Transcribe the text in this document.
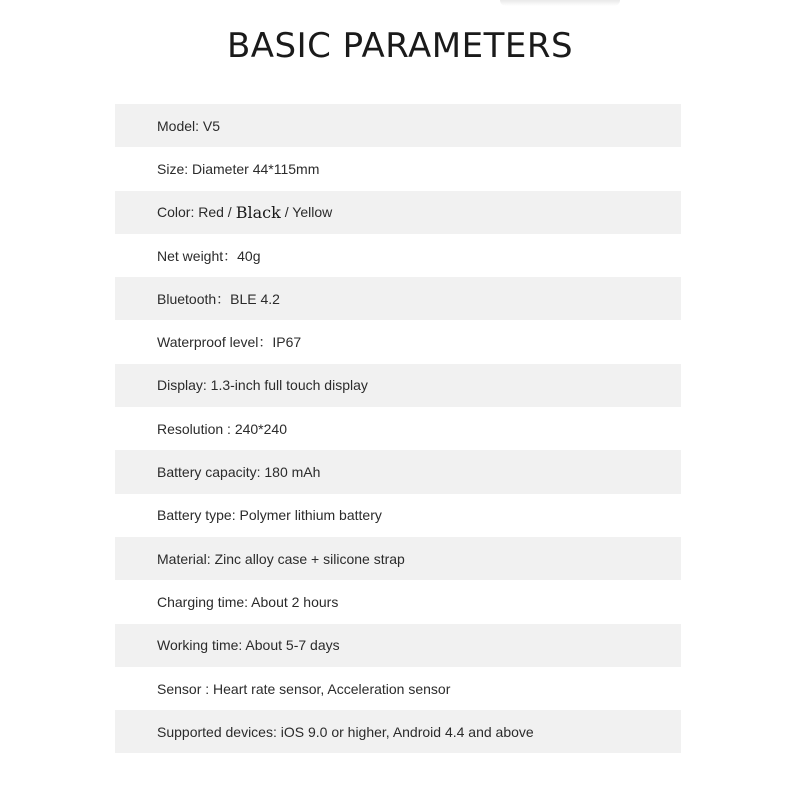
BASIC PARAMETERS
Model: V5
Size: Diameter 44*115mm
Color: Red / Black / Yellow
Net weight：40g
Bluetooth：BLE 4.2
Waterproof level：IP67
Display: 1.3-inch full touch display
Resolution : 240*240
Battery capacity: 180 mAh
Battery type: Polymer lithium battery
Material: Zinc alloy case + silicone strap
Charging time: About 2 hours
Working time: About 5-7 days
Sensor : Heart rate sensor, Acceleration sensor
Supported devices: iOS 9.0 or higher, Android 4.4 and above
